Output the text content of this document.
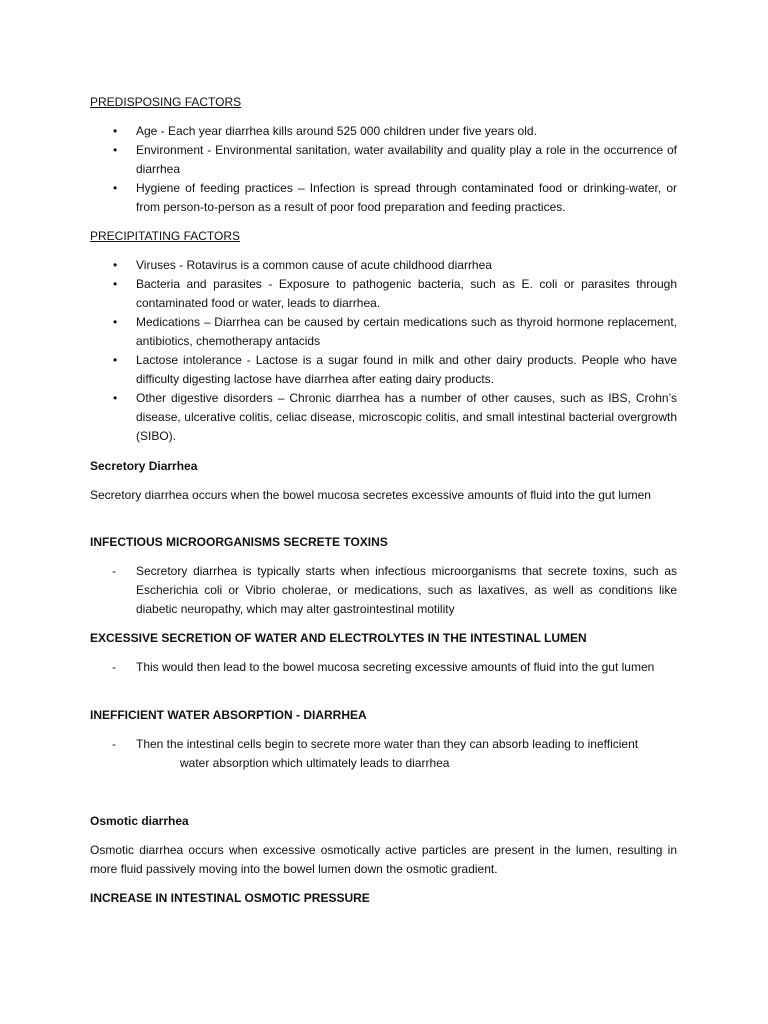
PREDISPOSING FACTORS
• Age - Each year diarrhea kills around 525 000 children under five years old.
• Environment - Environmental sanitation, water availability and quality play a role in the occurrence of diarrhea
• Hygiene of feeding practices – Infection is spread through contaminated food or drinking-water, or from person-to-person as a result of poor food preparation and feeding practices.
PRECIPITATING FACTORS
• Viruses - Rotavirus is a common cause of acute childhood diarrhea
• Bacteria and parasites - Exposure to pathogenic bacteria, such as E. coli or parasites through contaminated food or water, leads to diarrhea.
• Medications – Diarrhea can be caused by certain medications such as thyroid hormone replacement, antibiotics, chemotherapy antacids
• Lactose intolerance - Lactose is a sugar found in milk and other dairy products. People who have difficulty digesting lactose have diarrhea after eating dairy products.
• Other digestive disorders – Chronic diarrhea has a number of other causes, such as IBS, Crohn’s disease, ulcerative colitis, celiac disease, microscopic colitis, and small intestinal bacterial overgrowth (SIBO).
Secretory Diarrhea
Secretory diarrhea occurs when the bowel mucosa secretes excessive amounts of fluid into the gut lumen
INFECTIOUS MICROORGANISMS SECRETE TOXINS
-	Secretory diarrhea is typically starts when infectious microorganisms that secrete toxins, such as Escherichia coli or Vibrio cholerae, or medications, such as laxatives, as well as conditions like diabetic neuropathy, which may alter gastrointestinal motility
EXCESSIVE SECRETION OF WATER AND ELECTROLYTES IN THE INTESTINAL LUMEN
-	This would then lead to the bowel mucosa secreting excessive amounts of fluid into the gut lumen
INEFFICIENT WATER ABSORPTION - DIARRHEA
-	Then the intestinal cells begin to secrete more water than they can absorb leading to inefficient
water absorption which ultimately leads to diarrhea
Osmotic diarrhea
Osmotic diarrhea occurs when excessive osmotically active particles are present in the lumen, resulting in more fluid passively moving into the bowel lumen down the osmotic gradient.
INCREASE IN INTESTINAL OSMOTIC PRESSURE
